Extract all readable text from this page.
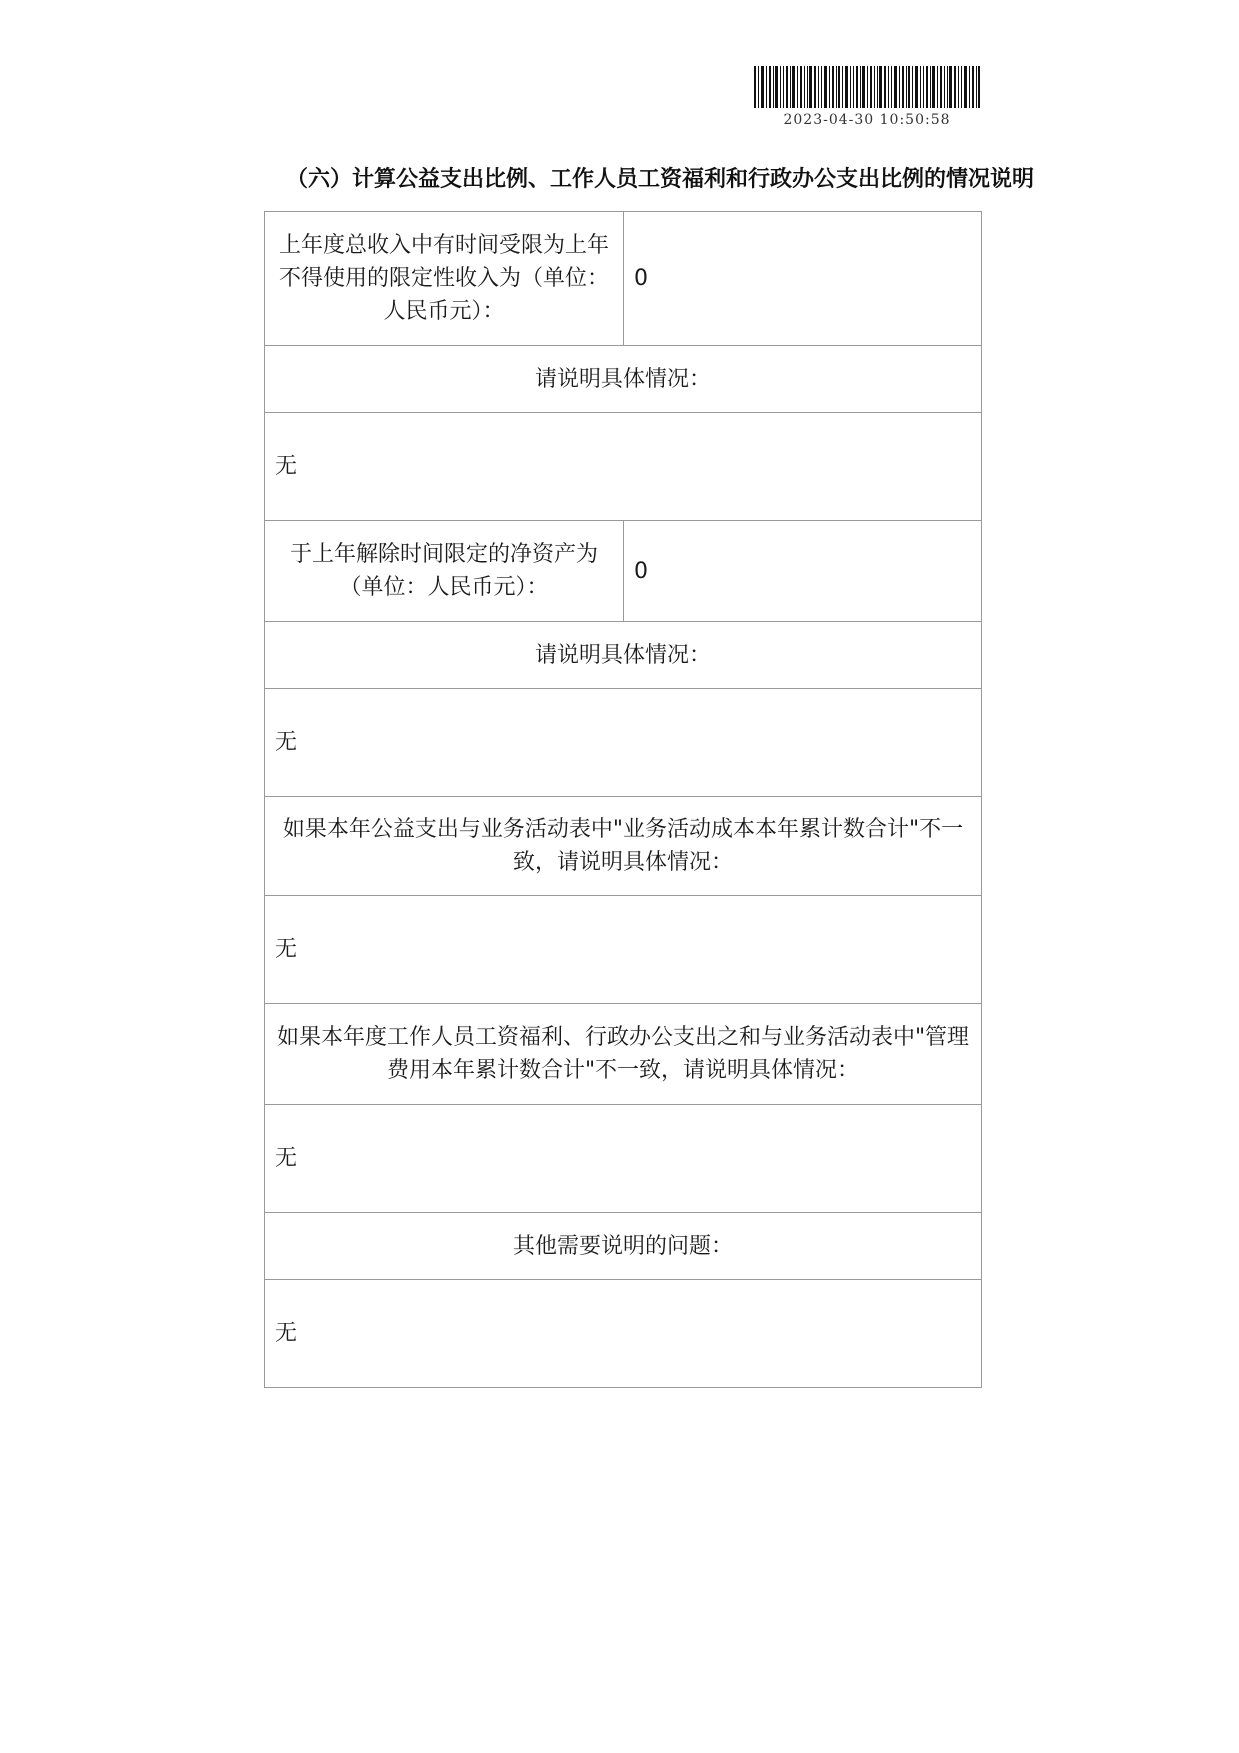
2023-04-30 10:50:58
（六）计算公益支出比例、工作人员工资福利和行政办公支出比例的情况说明
上年度总收入中有时间受限为上年不得使用的限定性收入为（单位：人民币元）：	0
请说明具体情况：	
无	
于上年解除时间限定的净资产为（单位：人民币元）：	0
请说明具体情况：	
无	
如果本年公益支出与业务活动表中"业务活动成本本年累计数合计"不一致，请说明具体情况：	
无	
如果本年度工作人员工资福利、行政办公支出之和与业务活动表中"管理费用本年累计数合计"不一致，请说明具体情况：	
无	
其他需要说明的问题：	
无	
